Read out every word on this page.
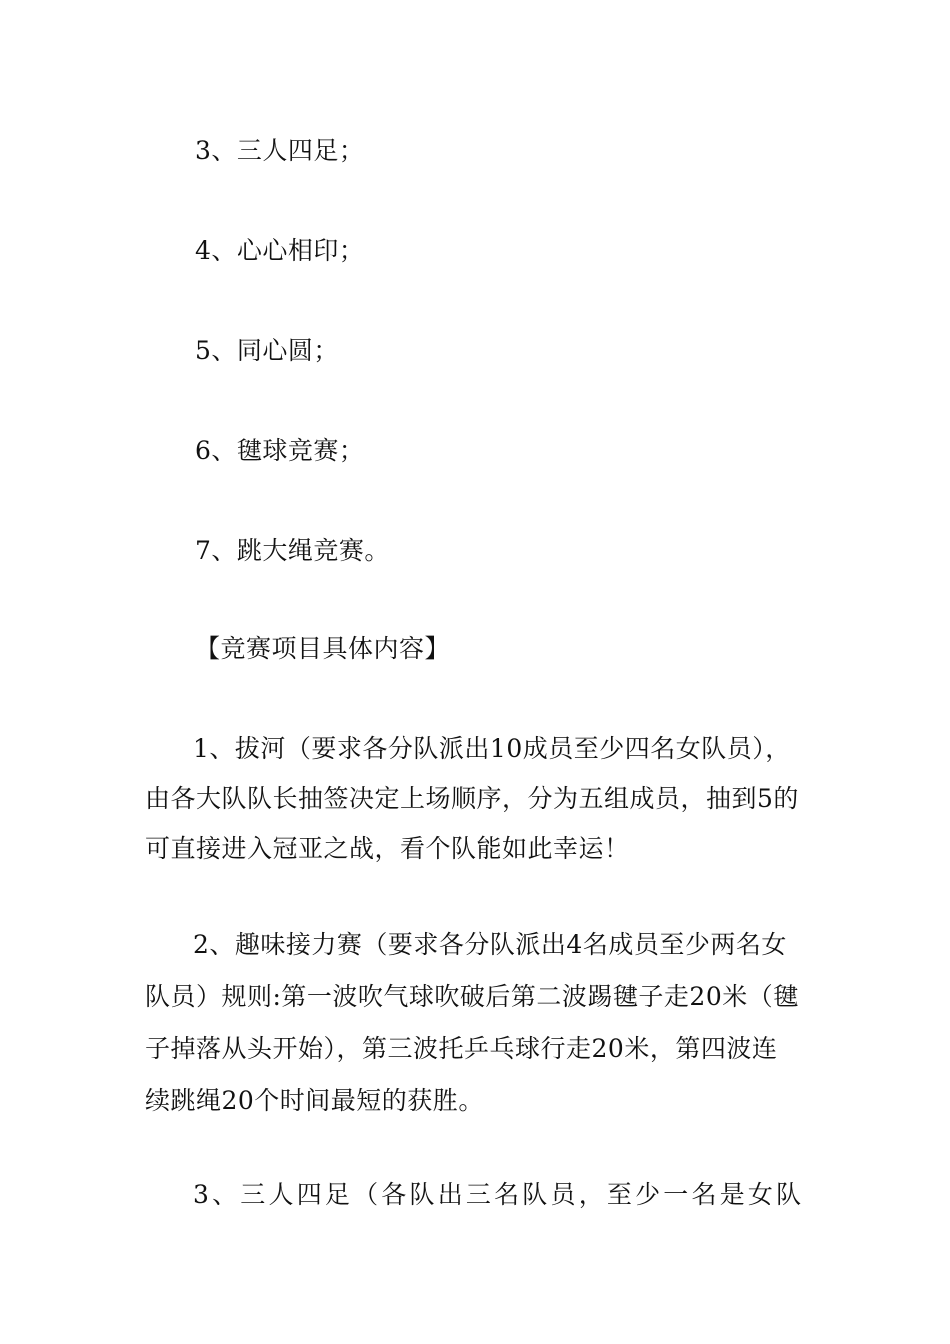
3、三人四足；
4、心心相印；
5、同心圆；
6、毽球竞赛；
7、跳大绳竞赛。
【竞赛项目具体内容】
1、拔河（要求各分队派出10成员至少四名女队员），
由各大队队长抽签决定上场顺序，分为五组成员，抽到5的
可直接进入冠亚之战，看个队能如此幸运！
2、趣味接力赛（要求各分队派出4名成员至少两名女
队员）规则:第一波吹气球吹破后第二波踢毽子走20米（毽
子掉落从头开始），第三波托乒乓球行走20米，第四波连
续跳绳20个时间最短的获胜。
3、三人四足（各队出三名队员，至少一名是女队
